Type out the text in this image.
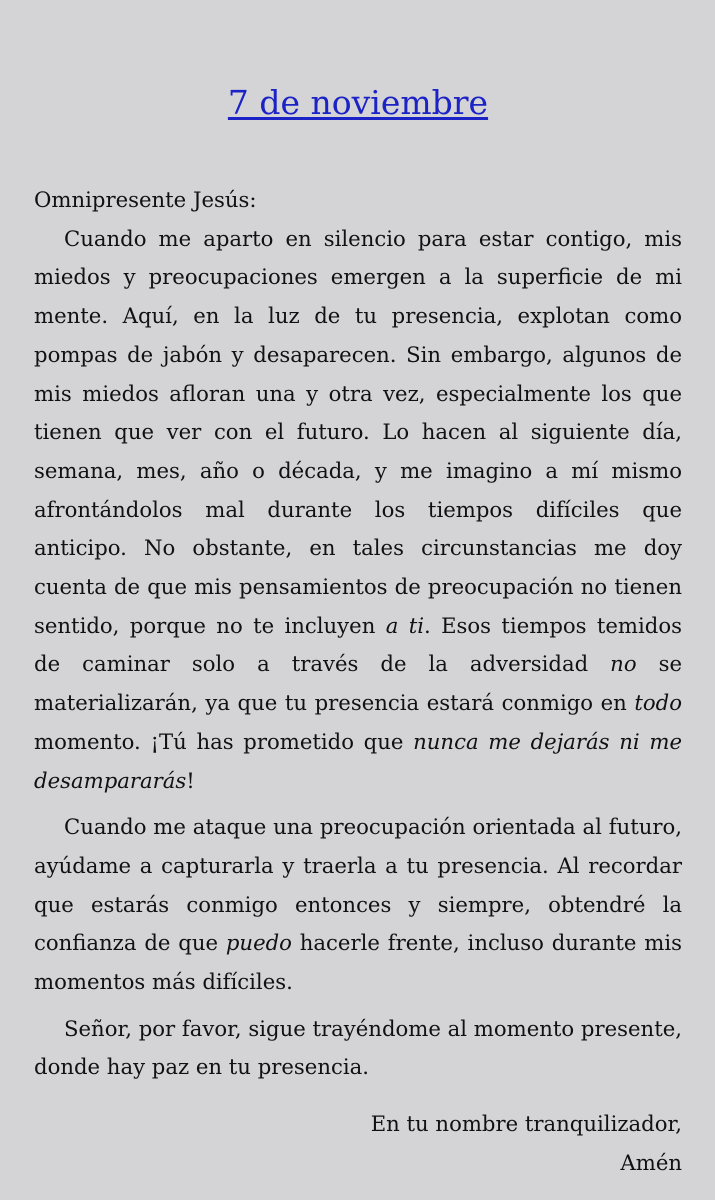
7 de noviembre
Omnipresente Jesús:

Cuando me aparto en silencio para estar contigo, mis miedos y preocupaciones emergen a la superficie de mi mente. Aquí, en la luz de tu presencia, explotan como pompas de jabón y desaparecen. Sin embargo, algunos de mis miedos afloran una y otra vez, especialmente los que tienen que ver con el futuro. Lo hacen al siguiente día, semana, mes, año o década, y me imagino a mí mismo afrontándolos mal durante los tiempos difíciles que anticipo. No obstante, en tales circunstancias me doy cuenta de que mis pensamientos de preocupación no tienen sentido, porque no te incluyen a ti. Esos tiempos temidos de caminar solo a través de la adversidad no se materializarán, ya que tu presencia estará conmigo en todo momento. ¡Tú has prometido que nunca me dejarás ni me desampararás!

Cuando me ataque una preocupación orientada al futuro, ayúdame a capturarla y traerla a tu presencia. Al recordar que estarás conmigo entonces y siempre, obtendré la confianza de que puedo hacerle frente, incluso durante mis momentos más difíciles.

Señor, por favor, sigue trayéndome al momento presente, donde hay paz en tu presencia.

En tu nombre tranquilizador,
Amén
